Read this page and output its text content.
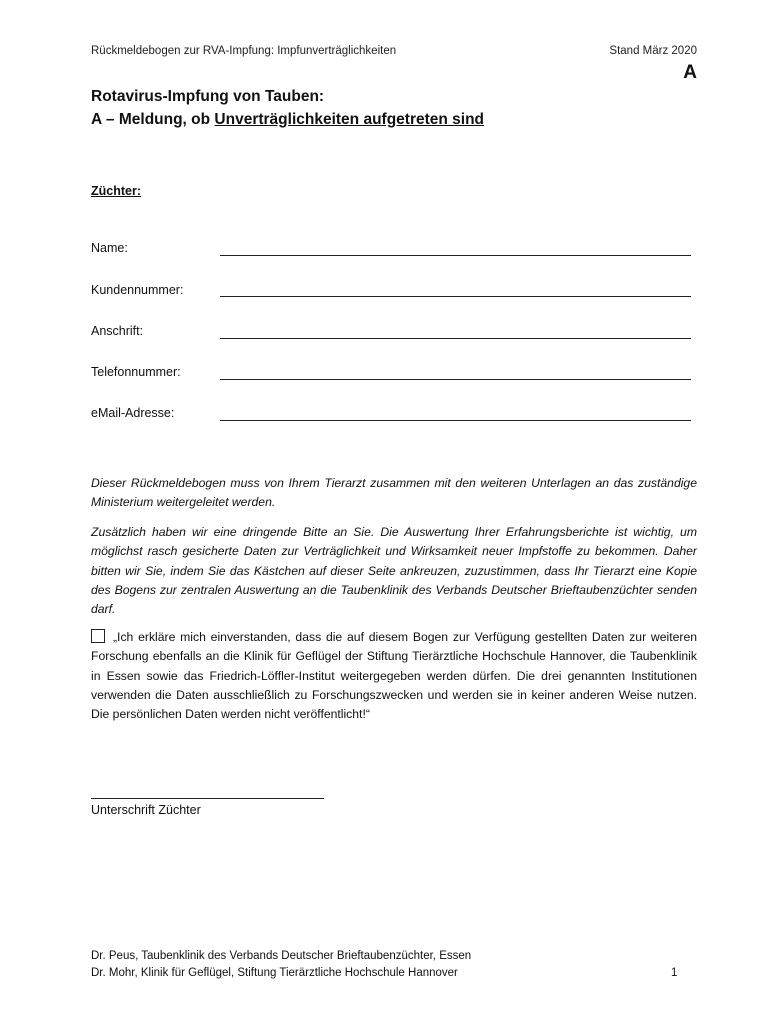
Rückmeldebogen zur RVA-Impfung: Impfunverträglichkeiten	Stand März 2020
A
Rotavirus-Impfung von Tauben:
A – Meldung, ob Unverträglichkeiten aufgetreten sind
Züchter:
Name:
Kundennummer:
Anschrift:
Telefonnummer:
eMail-Adresse:
Dieser Rückmeldebogen muss von Ihrem Tierarzt zusammen mit den weiteren Unterlagen an das zuständige Ministerium weitergeleitet werden.
Zusätzlich haben wir eine dringende Bitte an Sie. Die Auswertung Ihrer Erfahrungsberichte ist wichtig, um möglichst rasch gesicherte Daten zur Verträglichkeit und Wirksamkeit neuer Impfstoffe zu bekommen. Daher bitten wir Sie, indem Sie das Kästchen auf dieser Seite ankreuzen, zuzustimmen, dass Ihr Tierarzt eine Kopie des Bogens zur zentralen Auswertung an die Taubenklinik des Verbands Deutscher Brieftaubenzüchter senden darf.
„Ich erkläre mich einverstanden, dass die auf diesem Bogen zur Verfügung gestellten Daten zur weiteren Forschung ebenfalls an die Klinik für Geflügel der Stiftung Tierärztliche Hochschule Hannover, die Taubenklinik in Essen sowie das Friedrich-Löffler-Institut weitergegeben werden dürfen. Die drei genannten Institutionen verwenden die Daten ausschließlich zu Forschungszwecken und werden sie in keiner anderen Weise nutzen. Die persönlichen Daten werden nicht veröffentlicht!“
Unterschrift Züchter
Dr. Peus, Taubenklinik des Verbands Deutscher Brieftaubenzüchter, Essen
Dr. Mohr, Klinik für Geflügel, Stiftung Tierärztliche Hochschule Hannover	1
